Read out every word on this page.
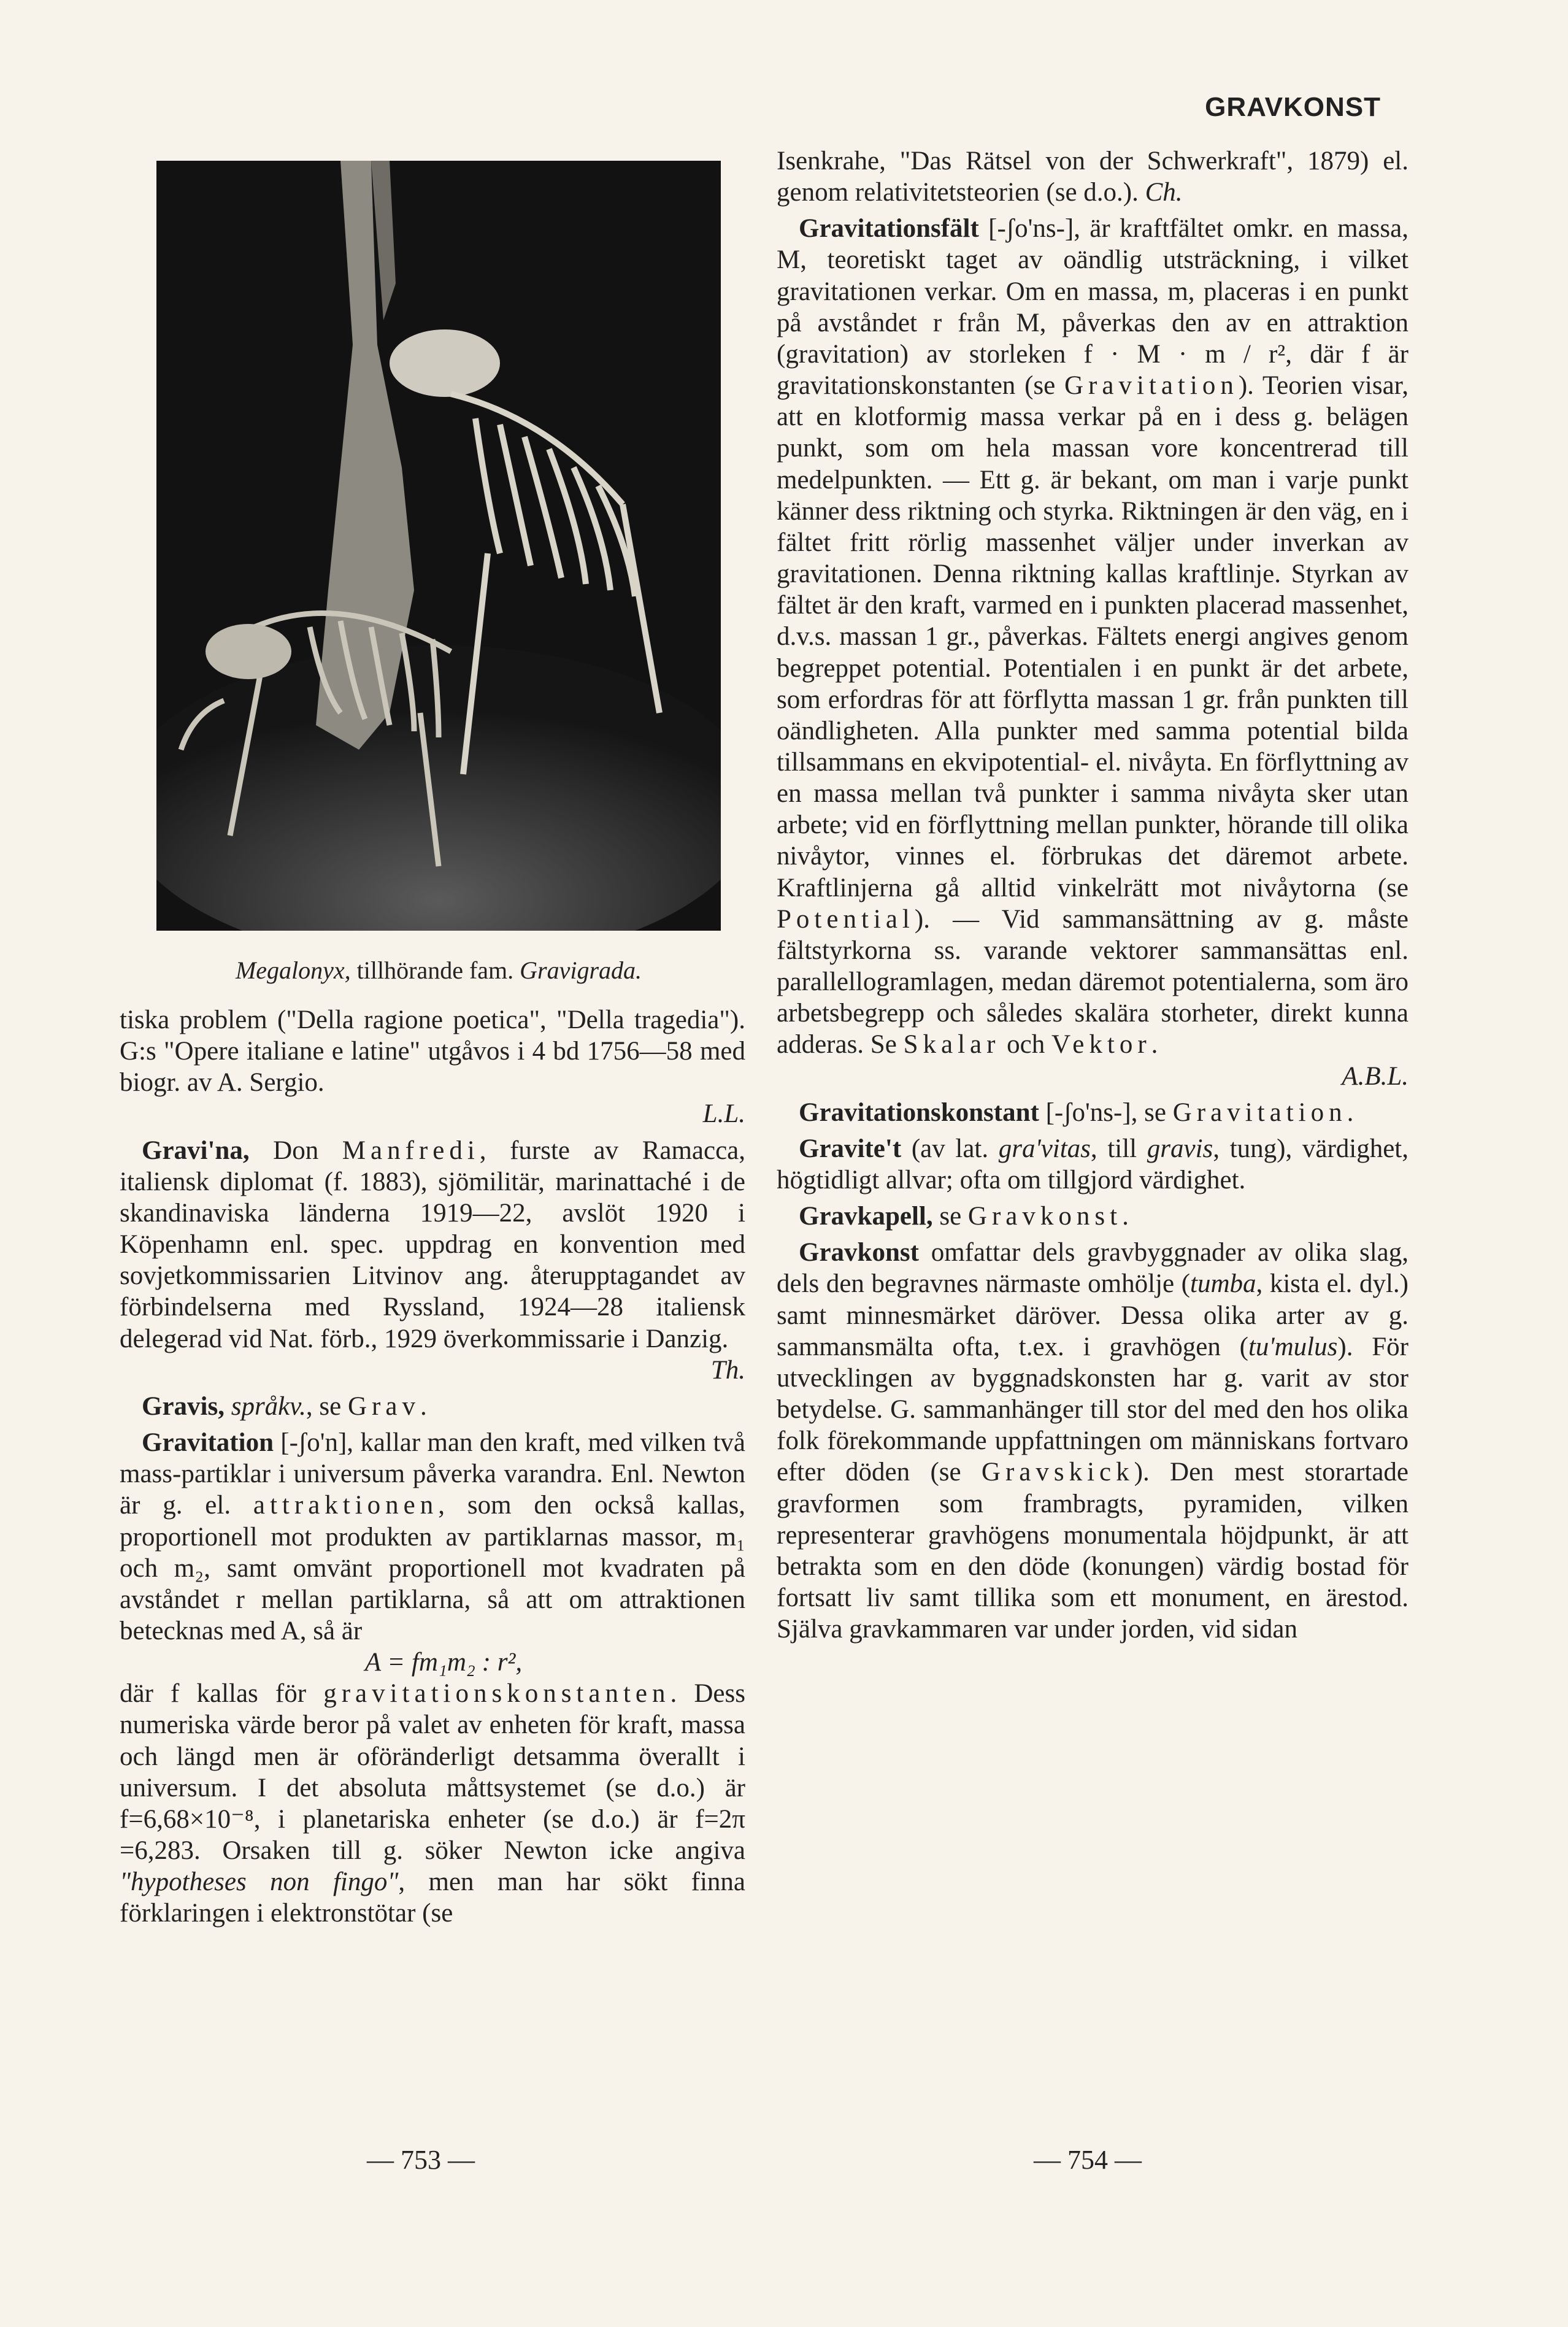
GRAVKONST
Megalonyx, tillhörande fam. Gravigrada.

tiska problem ("Della ragione poetica", "Della tragedia"). G:s "Opere italiane e latine" utgåvos i 4 bd 1756—58 med biogr. av A. Sergio.
L.L.

Gravi'na, Don Manfredi, furste av Ramacca, italiensk diplomat (f. 1883), sjömilitär, marinattaché i de skandinaviska länderna 1919—22, avslöt 1920 i Köpenhamn enl. spec. uppdrag en konvention med sovjetkommissarien Litvinov ang. återupptagandet av förbindelserna med Ryssland, 1924—28 italiensk delegerad vid Nat. förb., 1929 överkommissarie i Danzig.
Th.

Gravis, språkv., se Grav.

Gravitation [-ʃo'n], kallar man den kraft, med vilken två mass-partiklar i universum påverka varandra. Enl. Newton är g. el. attraktionen, som den också kallas, proportionell mot produkten av partiklarnas massor, m₁ och m₂, samt omvänt proportionell mot kvadraten på avståndet r mellan partiklarna, så att om attraktionen betecknas med A, så är
A = fm₁m₂ : r²,
där f kallas för gravitationskonstanten. Dess numeriska värde beror på valet av enheten för kraft, massa och längd men är oföränderligt detsamma överallt i universum. I det absoluta måttsystemet (se d.o.) är f=6,68×10⁻⁸, i planetariska enheter (se d.o.) är f=2π =6,283. Orsaken till g. söker Newton icke angiva "hypotheses non fingo", men man har sökt finna förklaringen i elektronstötar (se

Isenkrahe, "Das Rätsel von der Schwerkraft", 1879) el. genom relativitetsteorien (se d.o.). Ch.

Gravitationsfält [-ʃo'ns-], är kraftfältet omkr. en massa, M, teoretiskt taget av oändlig utsträckning, i vilket gravitationen verkar. Om en massa, m, placeras i en punkt på avståndet r från M, påverkas den av en attraktion (gravitation) av storleken f · M · m / r², där f är gravitationskonstanten (se Gravitation). Teorien visar, att en klotformig massa verkar på en i dess g. belägen punkt, som om hela massan vore koncentrerad till medelpunkten. — Ett g. är bekant, om man i varje punkt känner dess riktning och styrka. Riktningen är den väg, en i fältet fritt rörlig massenhet väljer under inverkan av gravitationen. Denna riktning kallas kraftlinje. Styrkan av fältet är den kraft, varmed en i punkten placerad massenhet, d.v.s. massan 1 gr., påverkas. Fältets energi angives genom begreppet potential. Potentialen i en punkt är det arbete, som erfordras för att förflytta massan 1 gr. från punkten till oändligheten. Alla punkter med samma potential bilda tillsammans en ekvipotential- el. nivåyta. En förflyttning av en massa mellan två punkter i samma nivåyta sker utan arbete; vid en förflyttning mellan punkter, hörande till olika nivåytor, vinnes el. förbrukas det däremot arbete. Kraftlinjerna gå alltid vinkelrätt mot nivåytorna (se Potential). — Vid sammansättning av g. måste fältstyrkorna ss. varande vektorer sammansättas enl. parallellogramlagen, medan däremot potentialerna, som äro arbetsbegrepp och således skalära storheter, direkt kunna adderas. Se Skalar och Vektor.
A.B.L.

Gravitationskonstant [-ʃo'ns-], se Gravitation.

Gravite't (av lat. gra'vitas, till gravis, tung), värdighet, högtidligt allvar; ofta om tillgjord värdighet.

Gravkapell, se Gravkonst.

Gravkonst omfattar dels gravbyggnader av olika slag, dels den begravnes närmaste omhölje (tumba, kista el. dyl.) samt minnesmärket däröver. Dessa olika arter av g. sammansmälta ofta, t.ex. i gravhögen (tu'mulus). För utvecklingen av byggnadskonsten har g. varit av stor betydelse. G. sammanhänger till stor del med den hos olika folk förekommande uppfattningen om människans fortvaro efter döden (se Gravskick). Den mest storartade gravformen som frambragts, pyramiden, vilken representerar gravhögens monumentala höjdpunkt, är att betrakta som en den döde (konungen) värdig bostad för fortsatt liv samt tillika som ett monument, en ärestod. Själva gravkammaren var under jorden, vid sidan

— 753 —	— 754 —
